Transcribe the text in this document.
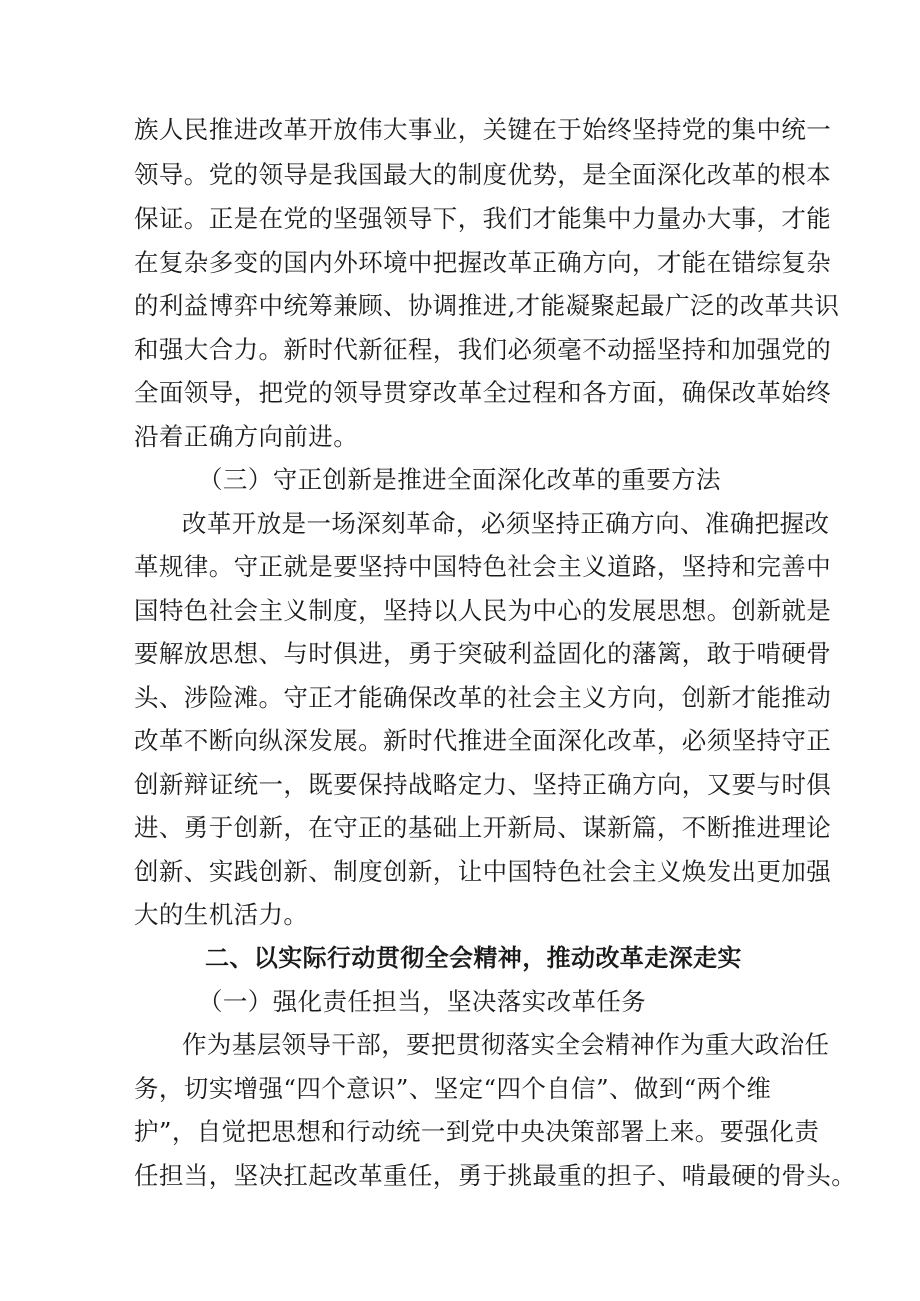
族人民推进改革开放伟大事业，关键在于始终坚持党的集中统一
领导。党的领导是我国最大的制度优势，是全面深化改革的根本
保证。正是在党的坚强领导下，我们才能集中力量办大事，才能
在复杂多变的国内外环境中把握改革正确方向，才能在错综复杂
的利益博弈中统筹兼顾、协调推进,才能凝聚起最广泛的改革共识
和强大合力。新时代新征程，我们必须毫不动摇坚持和加强党的
全面领导，把党的领导贯穿改革全过程和各方面，确保改革始终
沿着正确方向前进。
（三）守正创新是推进全面深化改革的重要方法
改革开放是一场深刻革命，必须坚持正确方向、准确把握改
革规律。守正就是要坚持中国特色社会主义道路，坚持和完善中
国特色社会主义制度，坚持以人民为中心的发展思想。创新就是
要解放思想、与时俱进，勇于突破利益固化的藩篱，敢于啃硬骨
头、涉险滩。守正才能确保改革的社会主义方向，创新才能推动
改革不断向纵深发展。新时代推进全面深化改革，必须坚持守正
创新辩证统一，既要保持战略定力、坚持正确方向，又要与时俱
进、勇于创新，在守正的基础上开新局、谋新篇，不断推进理论
创新、实践创新、制度创新，让中国特色社会主义焕发出更加强
大的生机活力。
二、以实际行动贯彻全会精神，推动改革走深走实
（一）强化责任担当，坚决落实改革任务
作为基层领导干部，要把贯彻落实全会精神作为重大政治任
务，切实增强“四个意识”、坚定“四个自信”、做到“两个维
护”，自觉把思想和行动统一到党中央决策部署上来。要强化责
任担当，坚决扛起改革重任，勇于挑最重的担子、啃最硬的骨头。
